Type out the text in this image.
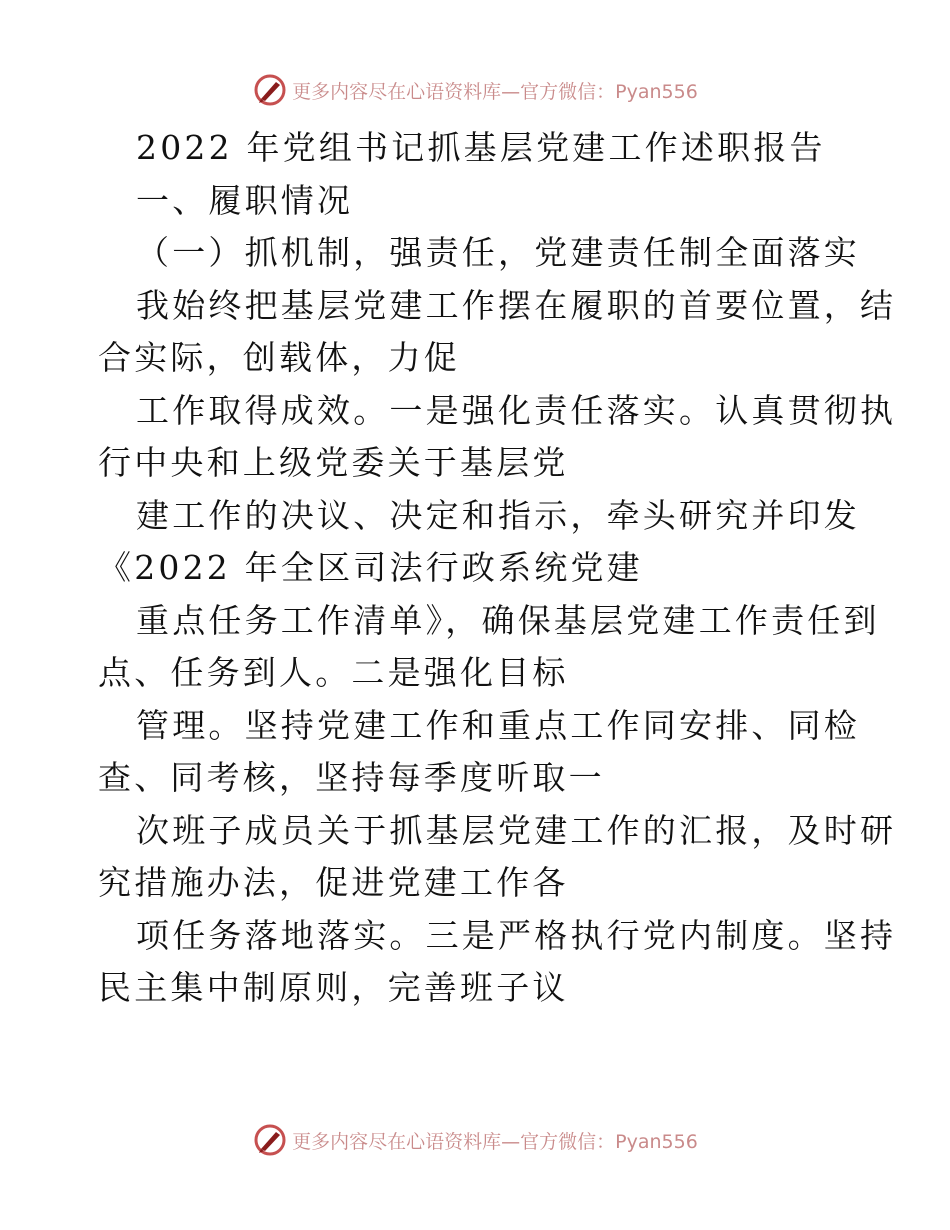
更多内容尽在心语资料库—官方微信：Pyan556
2022 年党组书记抓基层党建工作述职报告
一、履职情况
（一）抓机制，强责任，党建责任制全面落实
我始终把基层党建工作摆在履职的首要位置，结
合实际，创载体，力促
工作取得成效。一是强化责任落实。认真贯彻执
行中央和上级党委关于基层党
建工作的决议、决定和指示，牵头研究并印发
《2022 年全区司法行政系统党建
重点任务工作清单》，确保基层党建工作责任到
点、任务到人。二是强化目标
管理。坚持党建工作和重点工作同安排、同检
查、同考核，坚持每季度听取一
次班子成员关于抓基层党建工作的汇报，及时研
究措施办法，促进党建工作各
项任务落地落实。三是严格执行党内制度。坚持
民主集中制原则，完善班子议
更多内容尽在心语资料库—官方微信：Pyan556
